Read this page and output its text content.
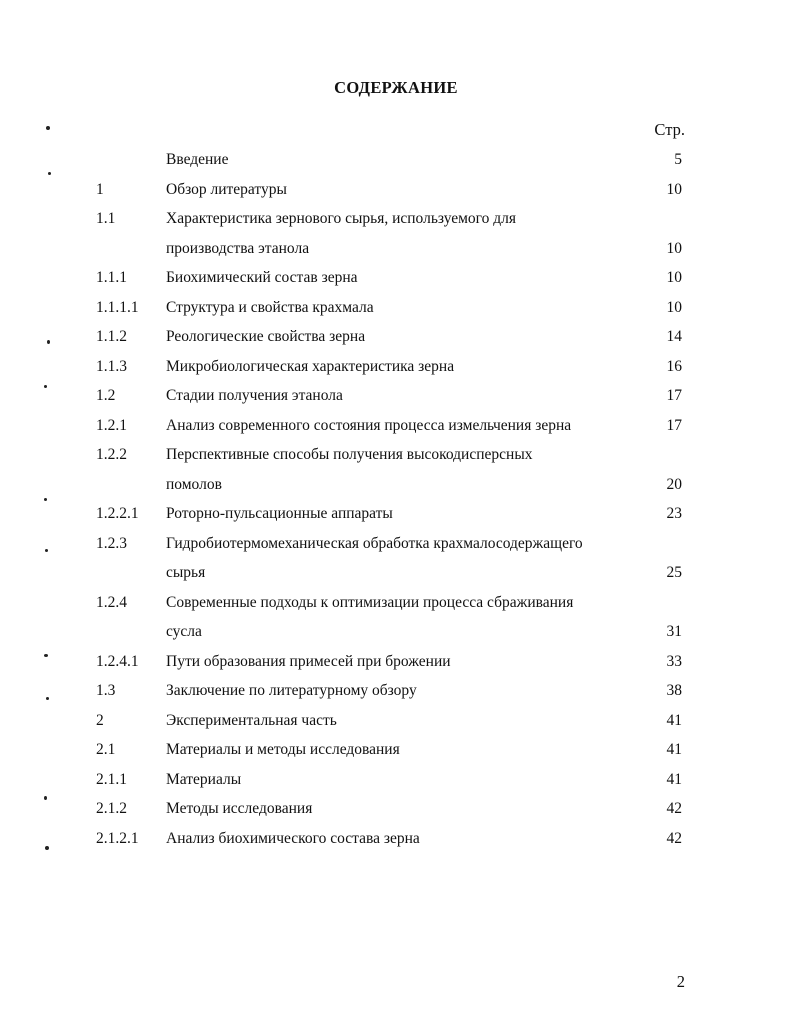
СОДЕРЖАНИЕ
Стр.
Введение	5
1	Обзор литературы	10
1.1	Характеристика зернового сырья, используемого для
производства этанола	10
1.1.1	Биохимический состав зерна	10
1.1.1.1	Структура и свойства крахмала	10
1.1.2	Реологические свойства зерна	14
1.1.3	Микробиологическая характеристика зерна	16
1.2	Стадии получения этанола	17
1.2.1	Анализ современного состояния процесса измельчения зерна	17
1.2.2	Перспективные способы получения высокодисперсных
помолов	20
1.2.2.1	Роторно-пульсационные аппараты	23
1.2.3	Гидробиотермомеханическая обработка крахмалосодержащего
сырья	25
1.2.4	Современные подходы к оптимизации процесса сбраживания
сусла	31
1.2.4.1	Пути образования примесей при брожении	33
1.3	Заключение по литературному обзору	38
2	Экспериментальная часть	41
2.1	Материалы и методы исследования	41
2.1.1	Материалы	41
2.1.2	Методы исследования	42
2.1.2.1	Анализ биохимического состава зерна	42
2
